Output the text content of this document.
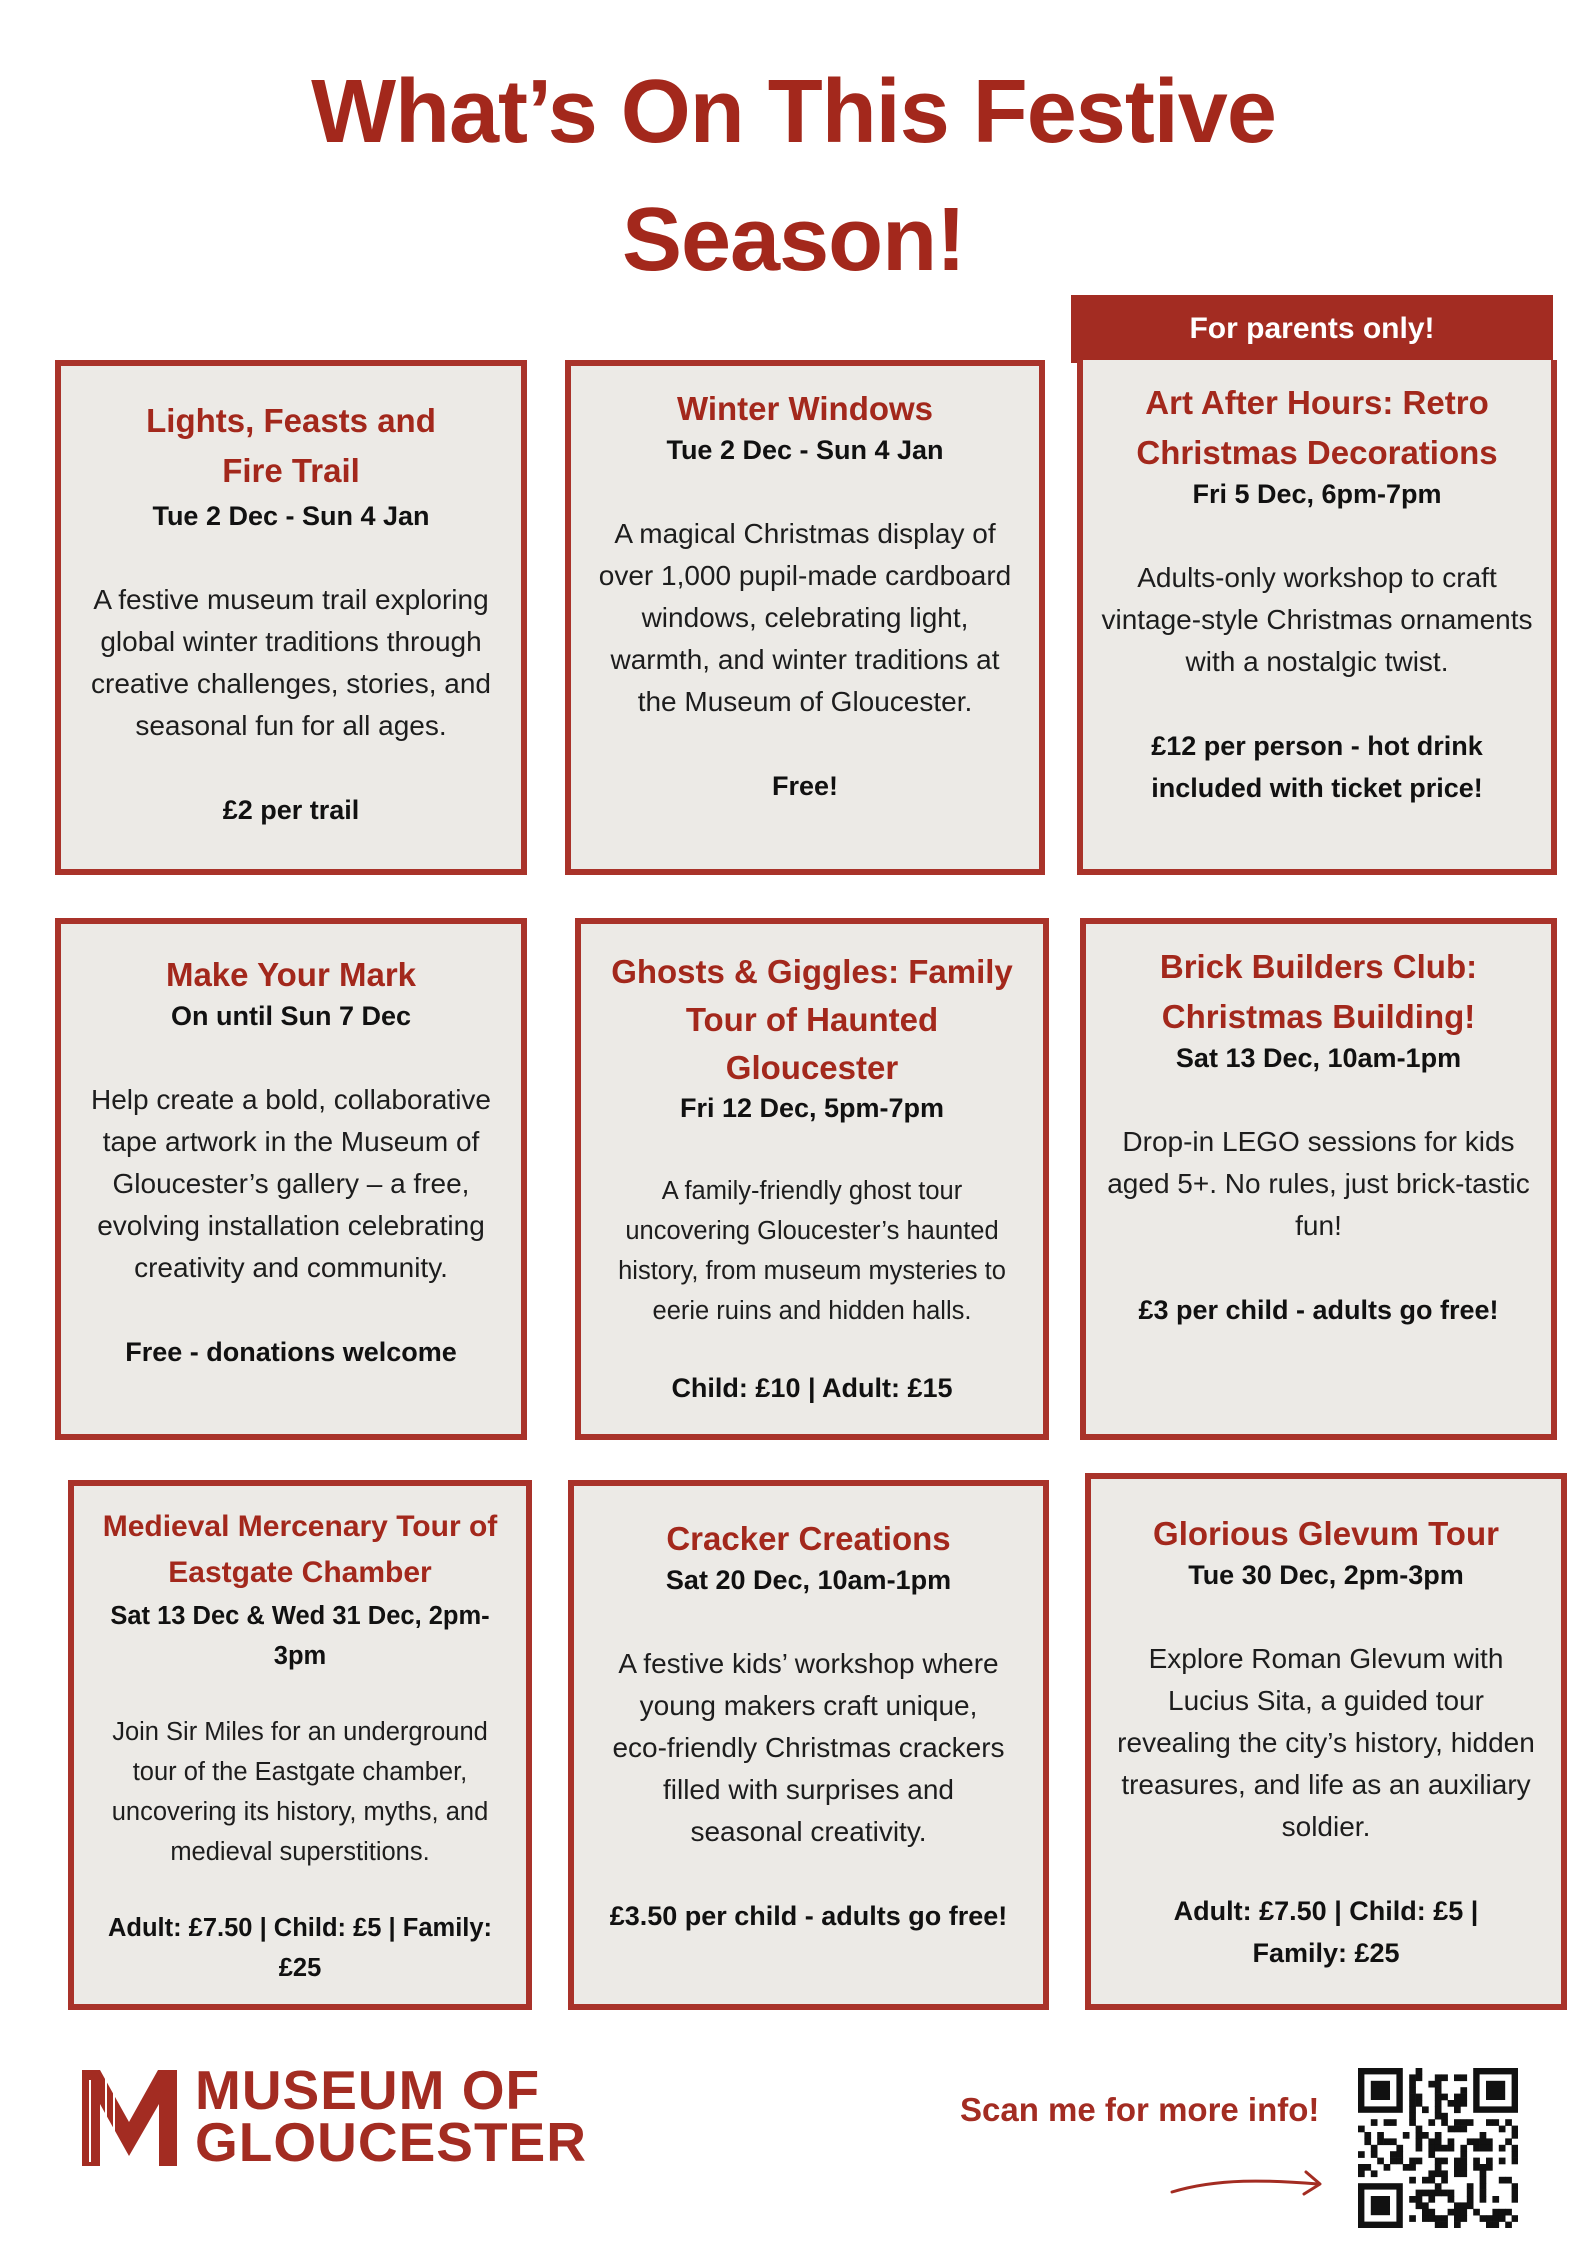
What’s On This Festive
Season!
For parents only!
Lights, Feasts and Fire Trail
Tue 2 Dec - Sun 4 Jan
A festive museum trail exploring global winter traditions through creative challenges, stories, and seasonal fun for all ages.
£2 per trail
Winter Windows
Tue 2 Dec - Sun 4 Jan
A magical Christmas display of over 1,000 pupil-made cardboard windows, celebrating light, warmth, and winter traditions at the Museum of Gloucester.
Free!
Art After Hours: Retro Christmas Decorations
Fri 5 Dec, 6pm-7pm
Adults-only workshop to craft vintage-style Christmas ornaments with a nostalgic twist.
£12 per person - hot drink included with ticket price!
Make Your Mark
On until Sun 7 Dec
Help create a bold, collaborative tape artwork in the Museum of Gloucester’s gallery – a free, evolving installation celebrating creativity and community.
Free - donations welcome
Ghosts & Giggles: Family Tour of Haunted Gloucester
Fri 12 Dec, 5pm-7pm
A family-friendly ghost tour uncovering Gloucester’s haunted history, from museum mysteries to eerie ruins and hidden halls.
Child: £10 | Adult: £15
Brick Builders Club: Christmas Building!
Sat 13 Dec, 10am-1pm
Drop-in LEGO sessions for kids aged 5+. No rules, just brick-tastic fun!
£3 per child - adults go free!
Medieval Mercenary Tour of Eastgate Chamber
Sat 13 Dec & Wed 31 Dec, 2pm-3pm
Join Sir Miles for an underground tour of the Eastgate chamber, uncovering its history, myths, and medieval superstitions.
Adult: £7.50 | Child: £5 | Family: £25
Cracker Creations
Sat 20 Dec, 10am-1pm
A festive kids’ workshop where young makers craft unique, eco-friendly Christmas crackers filled with surprises and seasonal creativity.
£3.50 per child - adults go free!
Glorious Glevum Tour
Tue 30 Dec, 2pm-3pm
Explore Roman Glevum with Lucius Sita, a guided tour revealing the city’s history, hidden treasures, and life as an auxiliary soldier.
Adult: £7.50 | Child: £5 | Family: £25
MUSEUM OF
GLOUCESTER
Scan me for more info!
